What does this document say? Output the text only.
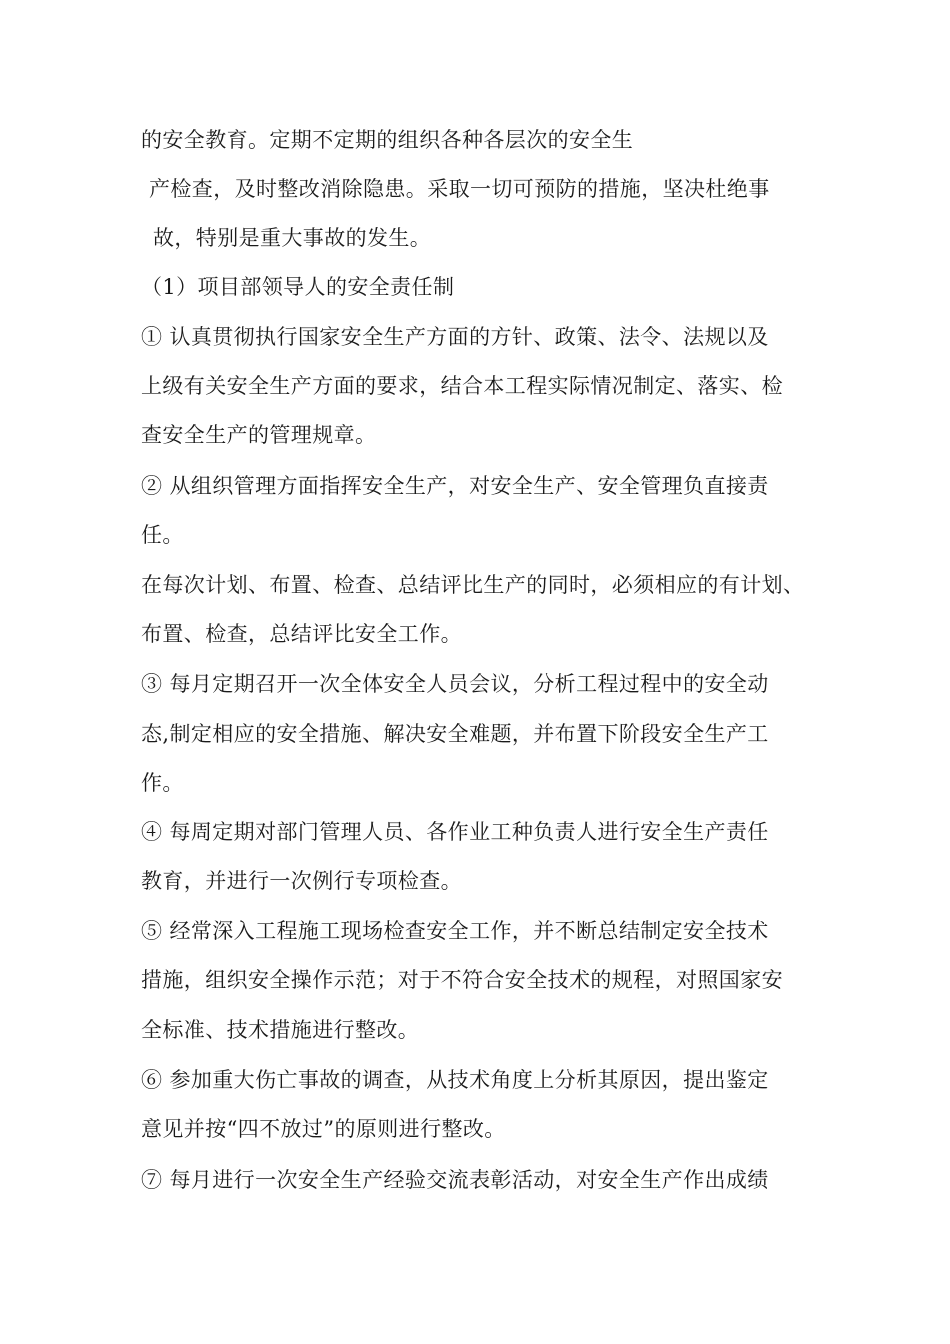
的安全教育。定期不定期的组织各种各层次的安全生
产检查，及时整改消除隐患。采取一切可预防的措施，坚决杜绝事
故，特别是重大事故的发生。
（1）项目部领导人的安全责任制
① 认真贯彻执行国家安全生产方面的方针、政策、法令、法规以及
上级有关安全生产方面的要求，结合本工程实际情况制定、落实、检
查安全生产的管理规章。
② 从组织管理方面指挥安全生产，对安全生产、安全管理负直接责
任。
在每次计划、布置、检查、总结评比生产的同时，必须相应的有计划、
布置、检查，总结评比安全工作。
③ 每月定期召开一次全体安全人员会议，分析工程过程中的安全动
态,制定相应的安全措施、解决安全难题，并布置下阶段安全生产工
作。
④ 每周定期对部门管理人员、各作业工种负责人进行安全生产责任
教育，并进行一次例行专项检查。
⑤ 经常深入工程施工现场检查安全工作，并不断总结制定安全技术
措施，组织安全操作示范；对于不符合安全技术的规程，对照国家安
全标准、技术措施进行整改。
⑥ 参加重大伤亡事故的调查，从技术角度上分析其原因，提出鉴定
意见并按“四不放过”的原则进行整改。
⑦ 每月进行一次安全生产经验交流表彰活动，对安全生产作出成绩
